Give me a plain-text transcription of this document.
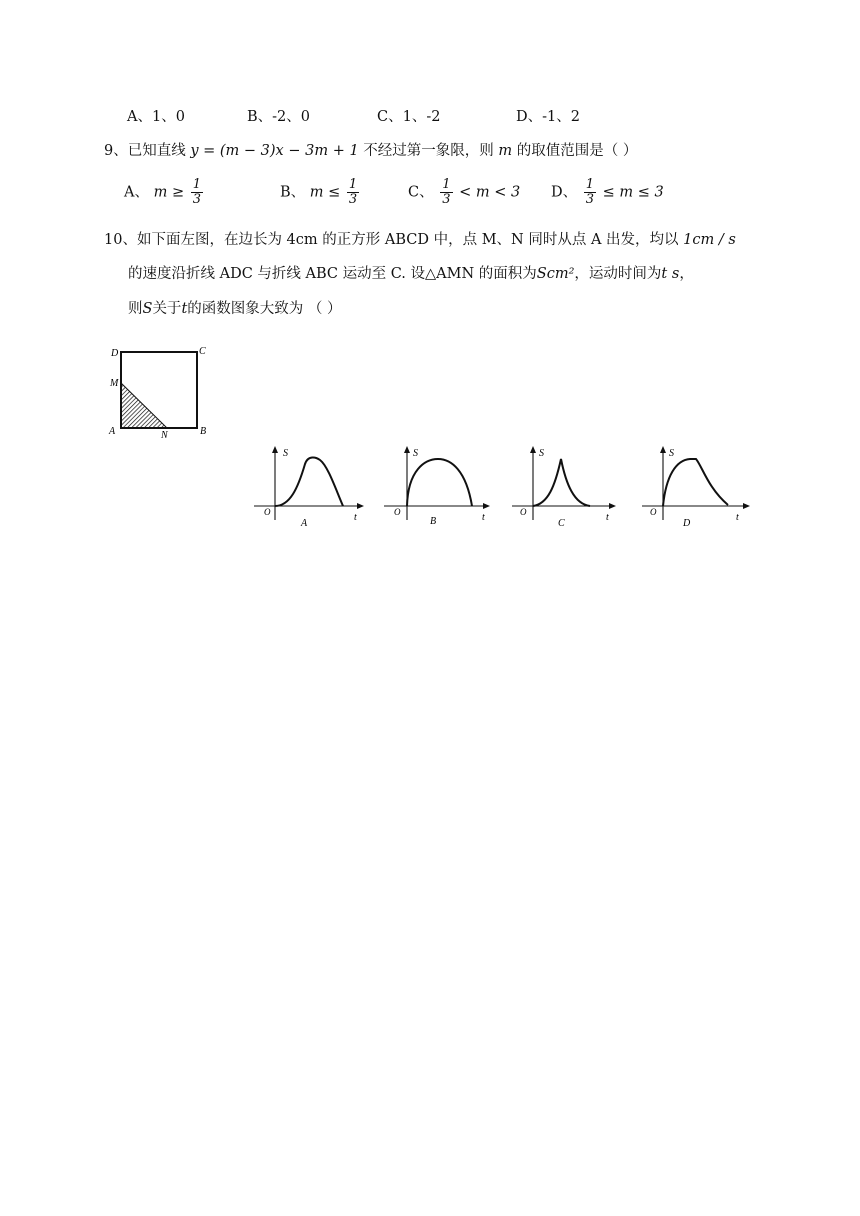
A、1、0	B、-2、0	C、1、-2	D、-1、2
9、已知直线 y = (m − 3)x − 3m + 1 不经过第一象限，则 m 的取值范围是（ ）
A、 $m \ge \frac{1}{3}$	B、 $m \le \frac{1}{3}$	C、 $\frac{1}{3} < m < 3$ D、 $\frac{1}{3} \le m \le 3$
10、如下面左图，在边长为 4cm 的正方形 ABCD 中，点 M、N 同时从点 A 出发，均以 1cm / s
的速度沿折线 ADC 与折线 ABC 运动至 C. 设△AMN 的面积为Scm²，运动时间为t s，
则S关于t的函数图象大致为 （ ）
D	C
M
A	N	B
S
O	t
A
S
O	t
B
S
O	t
C
S
O	t
D
